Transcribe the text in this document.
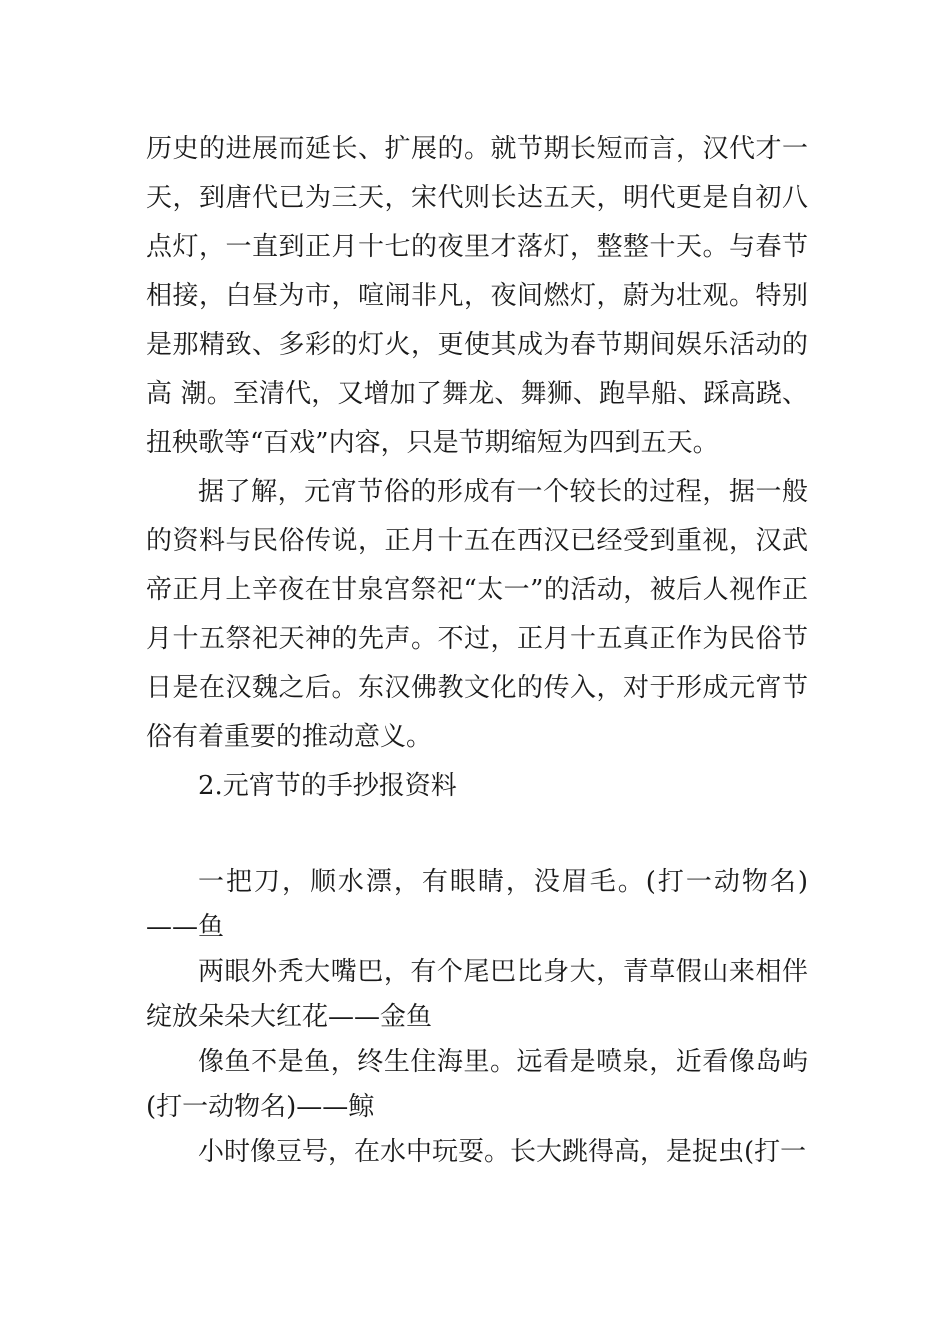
历史的进展而延长、扩展的。就节期长短而言，汉代才一天，到唐代已为三天，宋代则长达五天，明代更是自初八点灯，一直到正月十七的夜里才落灯，整整十天。与春节相接，白昼为市，喧闹非凡，夜间燃灯，蔚为壮观。特别是那精致、多彩的灯火，更使其成为春节期间娱乐活动的高 潮。至清代，又增加了舞龙、舞狮、跑旱船、踩高跷、扭秧歌等“百戏”内容，只是节期缩短为四到五天。

据了解，元宵节俗的形成有一个较长的过程，据一般的资料与民俗传说，正月十五在西汉已经受到重视，汉武帝正月上辛夜在甘泉宫祭祀“太一”的活动，被后人视作正月十五祭祀天神的先声。不过，正月十五真正作为民俗节日是在汉魏之后。东汉佛教文化的传入，对于形成元宵节俗有着重要的推动意义。

2.元宵节的手抄报资料

一把刀，顺水漂，有眼睛，没眉毛。(打一动物名)——鱼

两眼外秃大嘴巴，有个尾巴比身大，青草假山来相伴绽放朵朵大红花——金鱼

像鱼不是鱼，终生住海里。远看是喷泉，近看像岛屿(打一动物名)——鲸

小时像豆号，在水中玩耍。长大跳得高，是捉虫(打一
